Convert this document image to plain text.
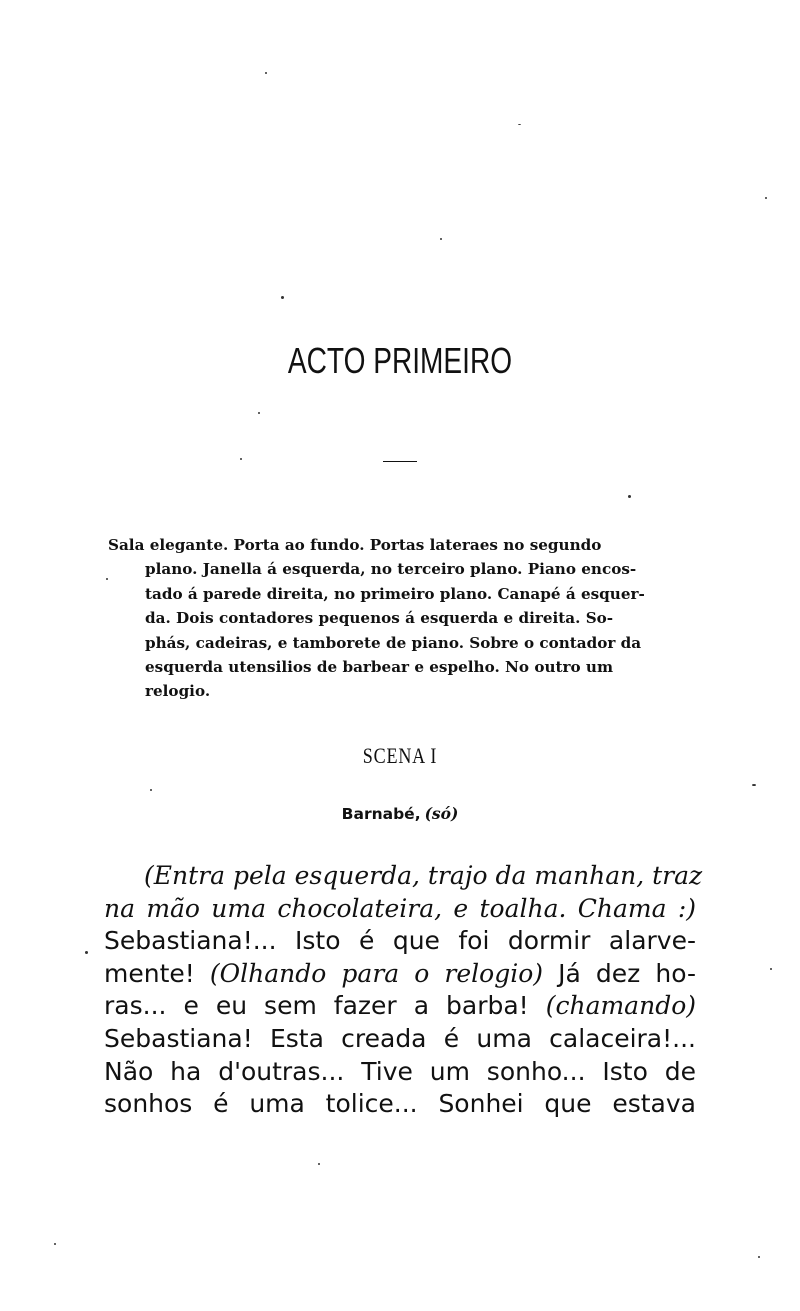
ACTO PRIMEIRO
Sala elegante. Porta ao fundo. Portas lateraes no segundo
plano. Janella á esquerda, no terceiro plano. Piano encos-
tado á parede direita, no primeiro plano. Canapé á esquer-
da. Dois contadores pequenos á esquerda e direita. So-
phás, cadeiras, e tamborete de piano. Sobre o contador da
esquerda utensilios de barbear e espelho. No outro um
relogio.
SCENA I
Barnabé, (só)
(Entra pela esquerda, trajo da manhan, traz
na mão uma chocolateira, e toalha. Chama :)
Sebastiana!... Isto é que foi dormir alarve-
mente! (Olhando para o relogio) Já dez ho-
ras... e eu sem fazer a barba! (chamando)
Sebastiana! Esta creada é uma calaceira!...
Não ha d'outras... Tive um sonho... Isto de
sonhos é uma tolice... Sonhei que estava
